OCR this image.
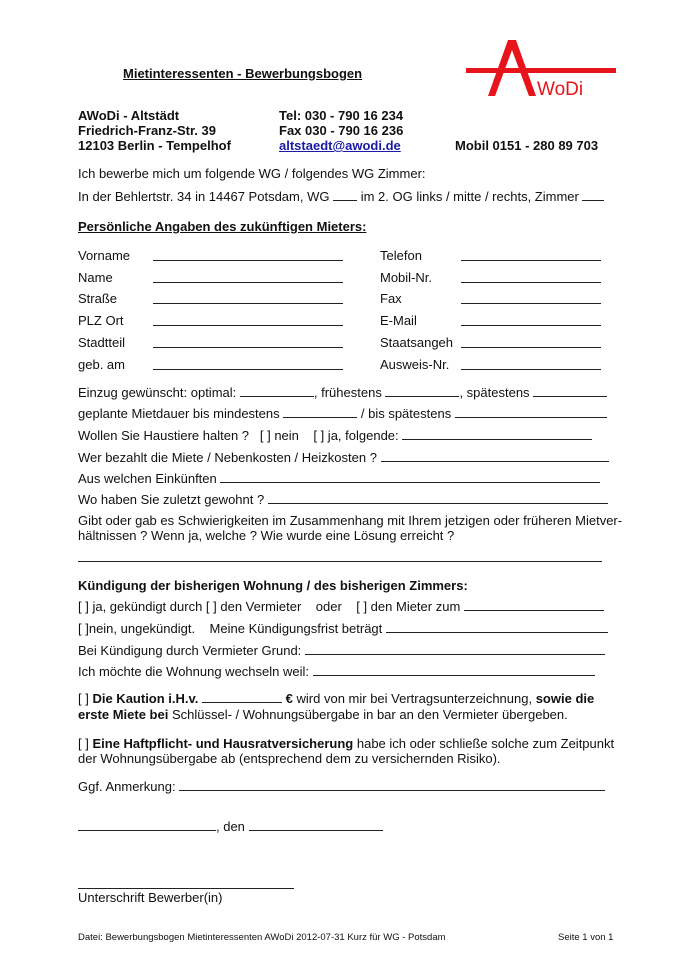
Mietinteressenten - Bewerbungsbogen
WoDi
AWoDi - Altstädt
Friedrich-Franz-Str. 39
12103 Berlin - Tempelhof
Tel: 030 - 790 16 234
Fax 030 - 790 16 236
altstaedt@awodi.de	Mobil 0151 - 280 89 703
Ich bewerbe mich um folgende WG / folgendes WG Zimmer:
In der Behlertstr. 34 in 14467 Potsdam, WG im 2. OG links / mitte / rechts, Zimmer
Persönliche Angaben des zukünftigen Mieters:
Vorname	Telefon
Name	Mobil-Nr.
Straße	Fax
PLZ Ort	E-Mail
Stadtteil	Staatsangeh
geb. am	Ausweis-Nr.
Einzug gewünscht: optimal:	, frühestens	, spätestens
geplante Mietdauer bis mindestens	/ bis spätestens
Wollen Sie Haustiere halten ? [ ] nein [ ] ja, folgende:
Wer bezahlt die Miete / Nebenkosten / Heizkosten ?
Aus welchen Einkünften
Wo haben Sie zuletzt gewohnt ?
Gibt oder gab es Schwierigkeiten im Zusammenhang mit Ihrem jetzigen oder früheren Mietver-
hältnissen ? Wenn ja, welche ? Wie wurde eine Lösung erreicht ?
Kündigung der bisherigen Wohnung / des bisherigen Zimmers:
[ ] ja, gekündigt durch [ ] den Vermieter oder [ ] den Mieter zum
[ ]nein, ungekündigt. Meine Kündigungsfrist beträgt
Bei Kündigung durch Vermieter Grund:
Ich möchte die Wohnung wechseln weil:
[ ] Die Kaution i.H.v.	€ wird von mir bei Vertragsunterzeichnung, sowie die
erste Miete bei Schlüssel- / Wohnungsübergabe in bar an den Vermieter übergeben.
[ ] Eine Haftpflicht- und Hausratversicherung habe ich oder schließe solche zum Zeitpunkt
der Wohnungsübergabe ab (entsprechend dem zu versichernden Risiko).
Ggf. Anmerkung:
, den
Unterschrift Bewerber(in)
Datei: Bewerbungsbogen Mietinteressenten AWoDi 2012-07-31 Kurz für WG - Potsdam	Seite 1 von 1
